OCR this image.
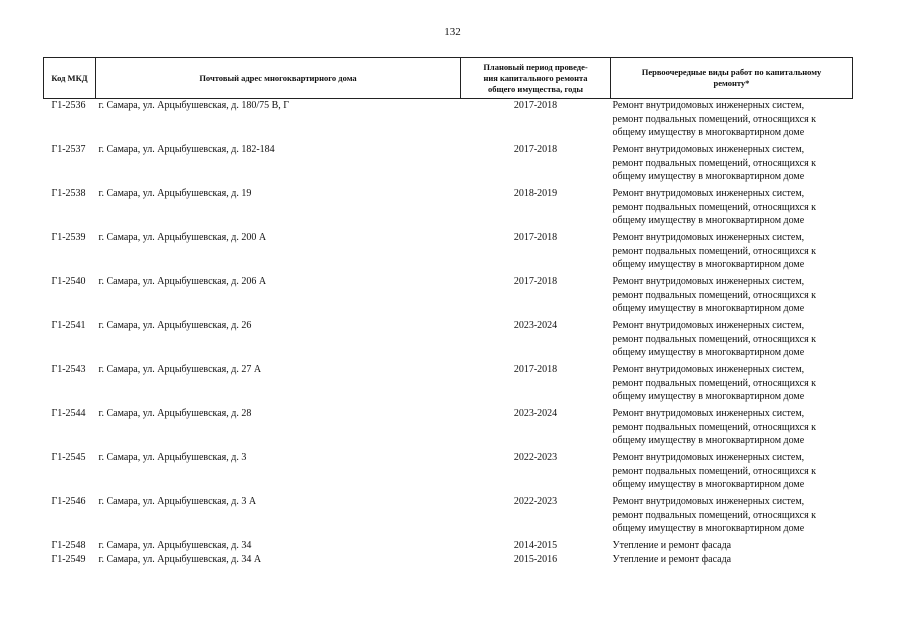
132
Код МКД	Почтовый адрес многоквартирного дома	Плановый период проведе-
ния капитального ремонта
общего имущества, годы	Первоочередные виды работ по капитальному
ремонту*

Г1-2536	г. Самара, ул. Арцыбушевская, д. 180/75 В, Г	2017-2018	Ремонт внутридомовых инженерных систем,
ремонт подвальных помещений, относящихся к
общему имуществу в многоквартирном доме

Г1-2537	г. Самара, ул. Арцыбушевская, д. 182-184	2017-2018	Ремонт внутридомовых инженерных систем,
ремонт подвальных помещений, относящихся к
общему имуществу в многоквартирном доме

Г1-2538	г. Самара, ул. Арцыбушевская, д. 19	2018-2019	Ремонт внутридомовых инженерных систем,
ремонт подвальных помещений, относящихся к
общему имуществу в многоквартирном доме

Г1-2539	г. Самара, ул. Арцыбушевская, д. 200 А	2017-2018	Ремонт внутридомовых инженерных систем,
ремонт подвальных помещений, относящихся к
общему имуществу в многоквартирном доме

Г1-2540	г. Самара, ул. Арцыбушевская, д. 206 А	2017-2018	Ремонт внутридомовых инженерных систем,
ремонт подвальных помещений, относящихся к
общему имуществу в многоквартирном доме

Г1-2541	г. Самара, ул. Арцыбушевская, д. 26	2023-2024	Ремонт внутридомовых инженерных систем,
ремонт подвальных помещений, относящихся к
общему имуществу в многоквартирном доме

Г1-2543	г. Самара, ул. Арцыбушевская, д. 27 А	2017-2018	Ремонт внутридомовых инженерных систем,
ремонт подвальных помещений, относящихся к
общему имуществу в многоквартирном доме

Г1-2544	г. Самара, ул. Арцыбушевская, д. 28	2023-2024	Ремонт внутридомовых инженерных систем,
ремонт подвальных помещений, относящихся к
общему имуществу в многоквартирном доме

Г1-2545	г. Самара, ул. Арцыбушевская, д. 3	2022-2023	Ремонт внутридомовых инженерных систем,
ремонт подвальных помещений, относящихся к
общему имуществу в многоквартирном доме

Г1-2546	г. Самара, ул. Арцыбушевская, д. 3 А	2022-2023	Ремонт внутридомовых инженерных систем,
ремонт подвальных помещений, относящихся к
общему имуществу в многоквартирном доме

Г1-2548	г. Самара, ул. Арцыбушевская, д. 34	2014-2015	Утепление и ремонт фасада

Г1-2549	г. Самара, ул. Арцыбушевская, д. 34 А	2015-2016	Утепление и ремонт фасада
